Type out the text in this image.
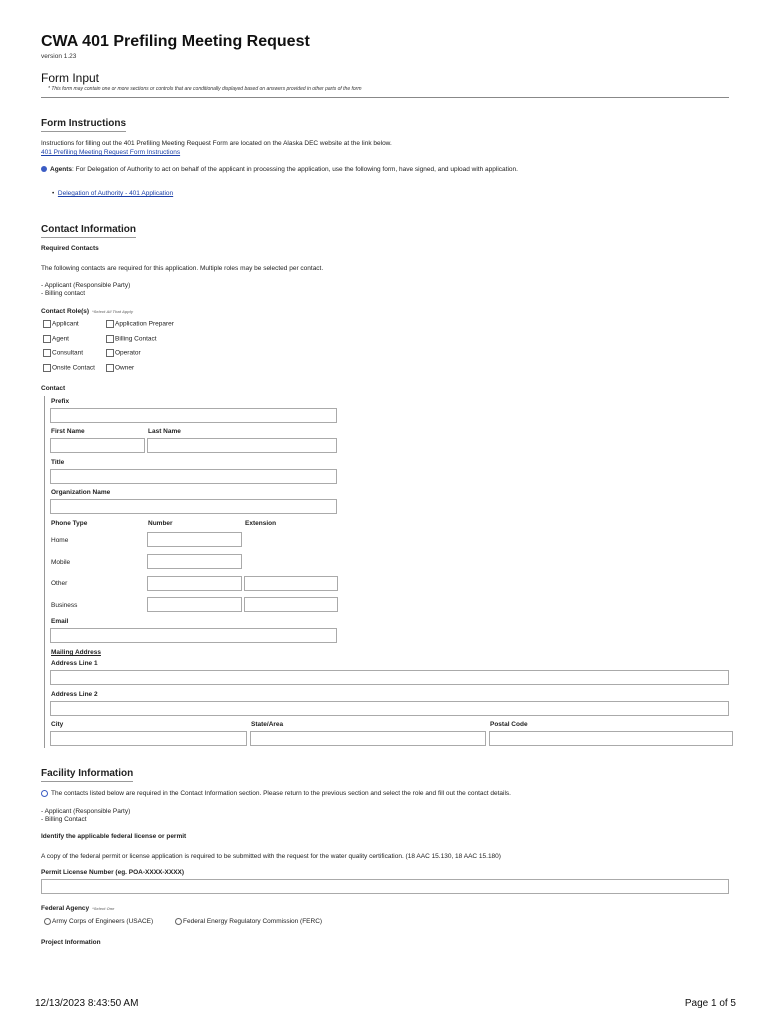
CWA 401 Prefiling Meeting Request
version 1.23
Form Input
* This form may contain one or more sections or controls that are conditionally displayed based on answers provided in other parts of the form
Form Instructions
Instructions for filling out the 401 Prefiling Meeting Request Form are located on the Alaska DEC website at the link below.
401 Prefiling Meeting Request Form Instructions
Agents: For Delegation of Authority to act on behalf of the applicant in processing the application, use the following form, have signed, and upload with application.
•  Delegation of Authority - 401 Application
Contact Information
Required Contacts
The following contacts are required for this application. Multiple roles may be selected per contact.
- Applicant (Responsible Party)
- Billing contact
Contact Role(s) *Select All That Apply
Applicant	Application Preparer
Agent	Billing Contact
Consultant	Operator
Onsite Contact	Owner
Contact
Prefix
First Name	Last Name
Title
Organization Name
Phone Type	Number	Extension
Home
Mobile
Other
Business
Email
Mailing Address
Address Line 1
Address Line 2
City	State/Area	Postal Code
Facility Information
The contacts listed below are required in the Contact Information section. Please return to the previous section and select the role and fill out the contact details.
- Applicant (Responsible Party)
- Billing Contact
Identify the applicable federal license or permit
A copy of the federal permit or license application is required to be submitted with the request for the water quality certification. (18 AAC 15.130, 18 AAC 15.180)
Permit License Number (eg. POA-XXXX-XXXX)
Federal Agency *Select One
Army Corps of Engineers (USACE)	Federal Energy Regulatory Commission (FERC)
Project Information
12/13/2023 8:43:50 AM	Page 1 of 5
